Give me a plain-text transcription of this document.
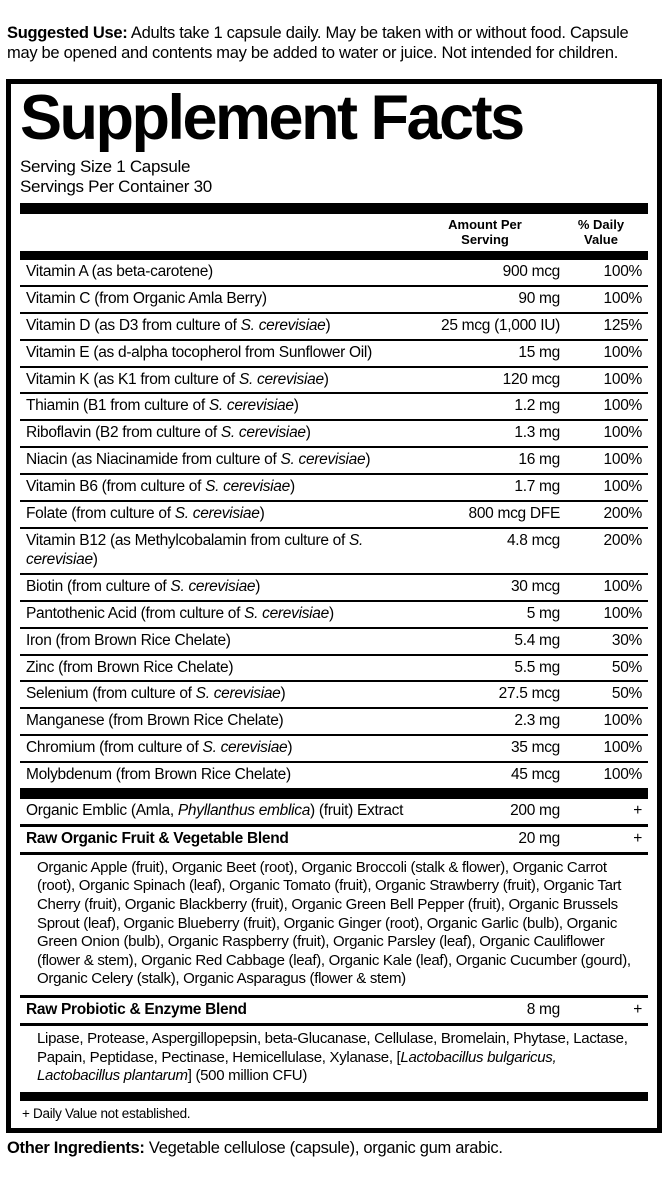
Suggested Use: Adults take 1 capsule daily. May be taken with or without food. Capsule may be opened and contents may be added to water or juice. Not intended for children.

Supplement Facts
Serving Size 1 Capsule
Servings Per Container 30
Amount Per Serving
% Daily Value
Vitamin A (as beta-carotene)	900 mcg	100%
Vitamin C (from Organic Amla Berry)	90 mg	100%
Vitamin D (as D3 from culture of S. cerevisiae)	25 mcg (1,000 IU)	125%
Vitamin E (as d-alpha tocopherol from Sunflower Oil)	15 mg	100%
Vitamin K (as K1 from culture of S. cerevisiae)	120 mcg	100%
Thiamin (B1 from culture of S. cerevisiae)	1.2 mg	100%
Riboflavin (B2 from culture of S. cerevisiae)	1.3 mg	100%
Niacin (as Niacinamide from culture of S. cerevisiae)	16 mg	100%
Vitamin B6 (from culture of S. cerevisiae)	1.7 mg	100%
Folate (from culture of S. cerevisiae)	800 mcg DFE	200%
Vitamin B12 (as Methylcobalamin from culture of S. cerevisiae)
4.8 mcg	200%
Biotin (from culture of S. cerevisiae)	30 mcg	100%
Pantothenic Acid (from culture of S. cerevisiae)	5 mg	100%
Iron (from Brown Rice Chelate)	5.4 mg	30%
Zinc (from Brown Rice Chelate)	5.5 mg	50%
Selenium (from culture of S. cerevisiae)	27.5 mcg	50%
Manganese (from Brown Rice Chelate)	2.3 mg	100%
Chromium (from culture of S. cerevisiae)	35 mcg	100%
Molybdenum (from Brown Rice Chelate)	45 mcg	100%
Organic Emblic (Amla, Phyllanthus emblica) (fruit) Extract	200 mg	+
Raw Organic Fruit & Vegetable Blend	20 mg	+
Organic Apple (fruit), Organic Beet (root), Organic Broccoli (stalk & flower), Organic Carrot (root), Organic Spinach (leaf), Organic Tomato (fruit), Organic Strawberry (fruit), Organic Tart Cherry (fruit), Organic Blackberry (fruit), Organic Green Bell Pepper (fruit), Organic Brussels Sprout (leaf), Organic Blueberry (fruit), Organic Ginger (root), Organic Garlic (bulb), Organic Green Onion (bulb), Organic Raspberry (fruit), Organic Parsley (leaf), Organic Cauliflower (flower & stem), Organic Red Cabbage (leaf), Organic Kale (leaf), Organic Cucumber (gourd), Organic Celery (stalk), Organic Asparagus (flower & stem)
Raw Probiotic & Enzyme Blend	8 mg	+
Lipase, Protease, Aspergillopepsin, beta-Glucanase, Cellulase, Bromelain, Phytase, Lactase, Papain, Peptidase, Pectinase, Hemicellulase, Xylanase, [Lactobacillus bulgaricus, Lactobacillus plantarum] (500 million CFU)
+ Daily Value not established.

Other Ingredients: Vegetable cellulose (capsule), organic gum arabic.
